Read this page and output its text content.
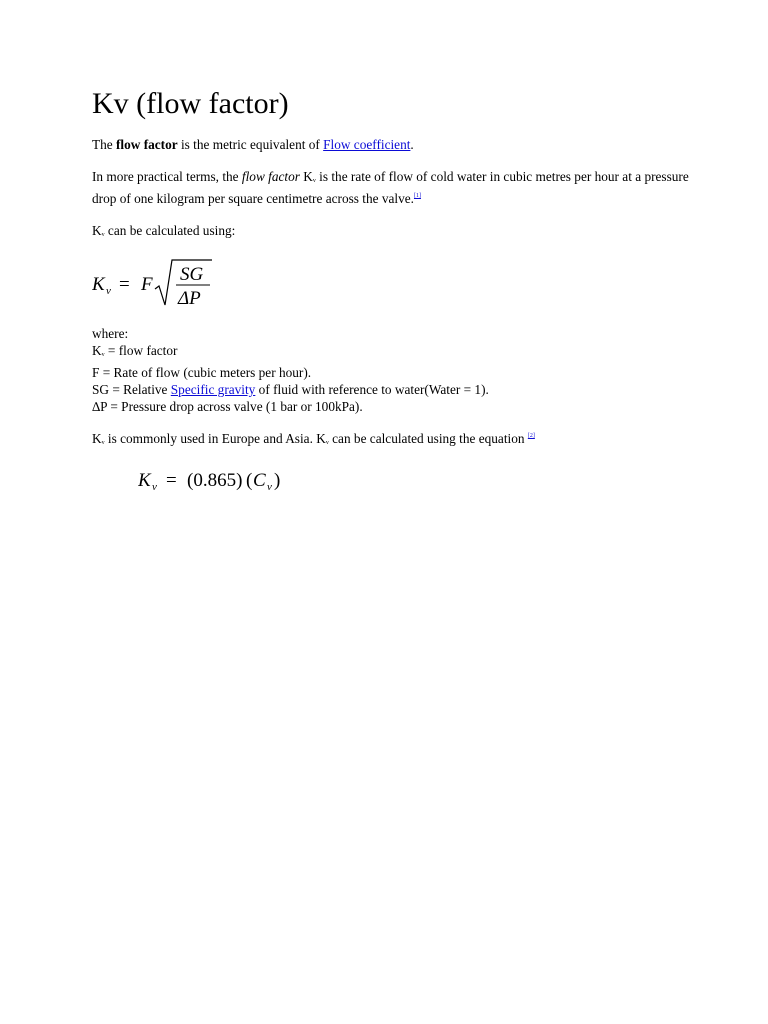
Kv (flow factor)

The flow factor is the metric equivalent of Flow coefficient.

In more practical terms, the flow factor Kv is the rate of flow of cold water in cubic metres per hour at a pressure drop of one kilogram per square centimetre across the valve.[1]

Kv can be calculated using:

K v = F SG
ΔP
where:
Kv = flow factor
F = Rate of flow (cubic meters per hour).
SG = Relative Specific gravity of fluid with reference to water(Water = 1).
∆P = Pressure drop across valve (1 bar or 100kPa).

Kv is commonly used in Europe and Asia. Kv can be calculated using the equation [2]

K v = (0.865) ( C v )
